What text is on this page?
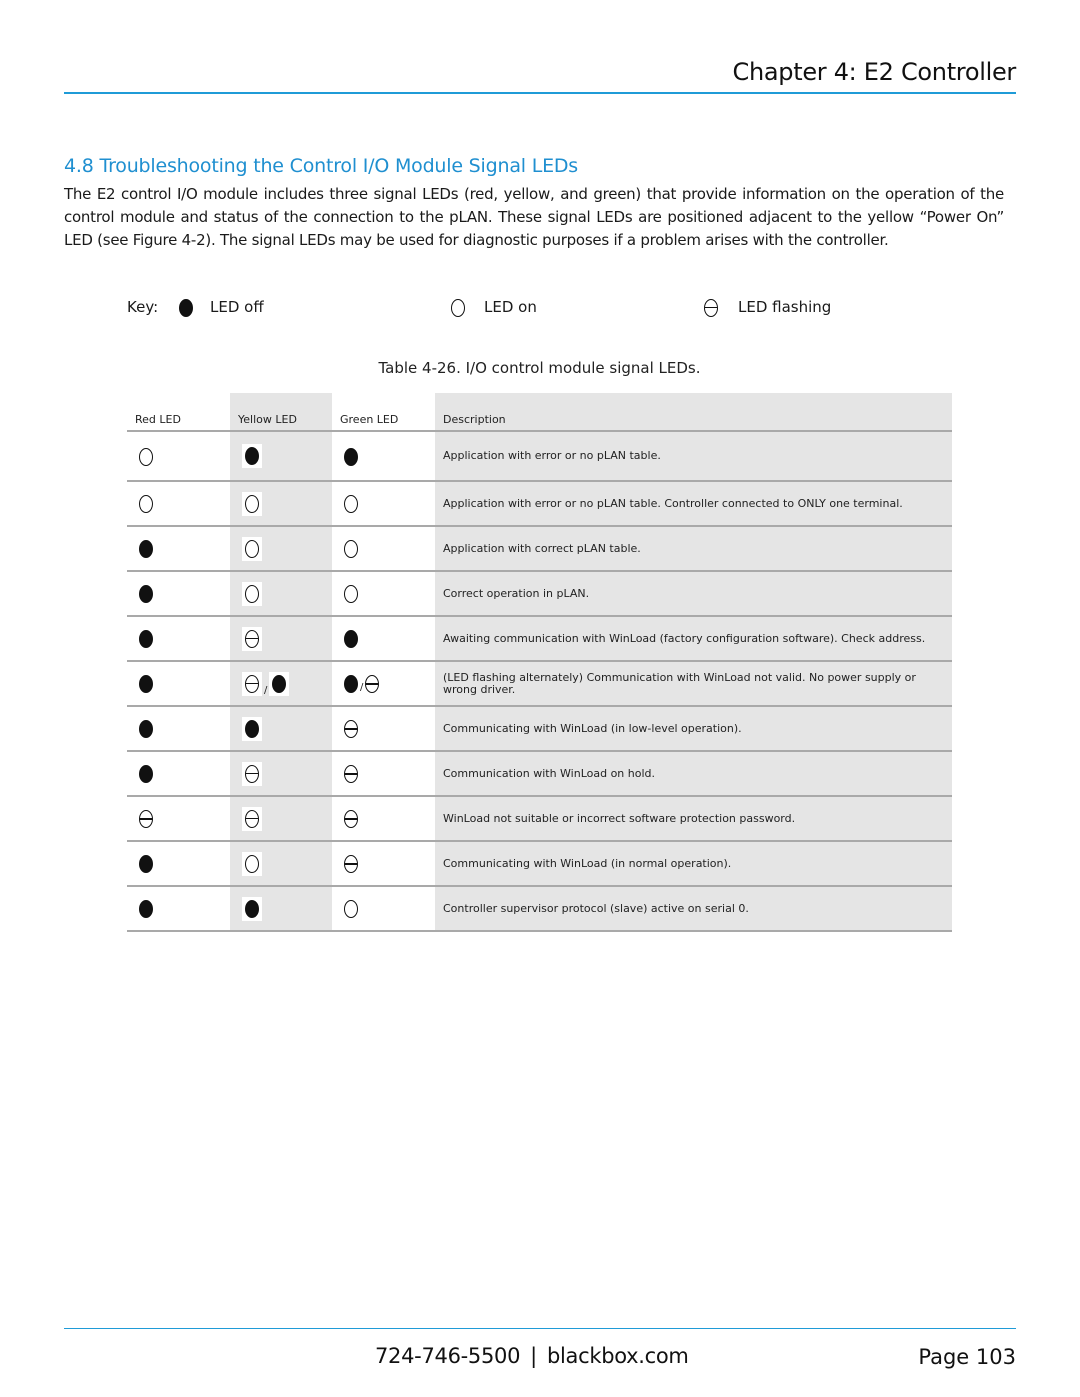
Chapter 4: E2 Controller
4.8 Troubleshooting the Control I/O Module Signal LEDs

The E2 control I/O module includes three signal LEDs (red, yellow, and green) that provide information on the operation of the control module and status of the connection to the pLAN. These signal LEDs are positioned adjacent to the yellow “Power On” LED (see Figure 4-2). The signal LEDs may be used for diagnostic purposes if a problem arises with the controller.

Key:	LED off	LED on	LED flashing
Table 4-26. I/O control module signal LEDs.
Red LED	Yellow LED	Green LED	Description
			Application with error or no pLAN table.
			Application with error or no pLAN table. Controller connected to ONLY one terminal.
			Application with correct pLAN table.
			Correct operation in pLAN.
			Awaiting communication with WinLoad (factory configuration software). Check address.
	/	/	(LED flashing alternately) Communication with WinLoad not valid. No power supply or wrong driver.
			Communicating with WinLoad (in low-level operation).
			Communication with WinLoad on hold.
			WinLoad not suitable or incorrect software protection password.
			Communicating with WinLoad (in normal operation).
			Controller supervisor protocol (slave) active on serial 0.
724-746-5500 | blackbox.com	Page 103
